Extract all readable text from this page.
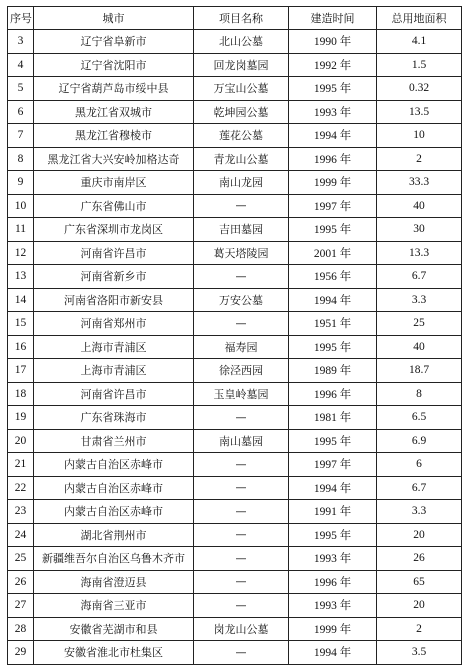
序号	城市	项目名称	建造时间	总用地面积
3	辽宁省阜新市	北山公墓	1990 年	4.1
4	辽宁省沈阳市	回龙岗墓园	1992 年	1.5
5	辽宁省葫芦岛市绥中县	万宝山公墓	1995 年	0.32
6	黑龙江省双城市	乾坤园公墓	1993 年	13.5
7	黑龙江省穆棱市	莲花公墓	1994 年	10
8	黑龙江省大兴安岭加格达奇	青龙山公墓	1996 年	2
9	重庆市南岸区	南山龙园	1999 年	33.3
10	广东省佛山市	—	1997 年	40
11	广东省深圳市龙岗区	吉田墓园	1995 年	30
12	河南省许昌市	葛天塔陵园	2001 年	13.3
13	河南省新乡市	—	1956 年	6.7
14	河南省洛阳市新安县	万安公墓	1994 年	3.3
15	河南省郑州市	—	1951 年	25
16	上海市青浦区	福寿园	1995 年	40
17	上海市青浦区	徐泾西园	1989 年	18.7
18	河南省许昌市	玉皇岭墓园	1996 年	8
19	广东省珠海市	—	1981 年	6.5
20	甘肃省兰州市	南山墓园	1995 年	6.9
21	内蒙古自治区赤峰市	—	1997 年	6
22	内蒙古自治区赤峰市	—	1994 年	6.7
23	内蒙古自治区赤峰市	—	1991 年	3.3
24	湖北省荆州市	—	1995 年	20
25	新疆维吾尔自治区乌鲁木齐市	—	1993 年	26
26	海南省澄迈县	—	1996 年	65
27	海南省三亚市	—	1993 年	20
28	安徽省芜湖市和县	岗龙山公墓	1999 年	2
29	安徽省淮北市杜集区	—	1994 年	3.5
